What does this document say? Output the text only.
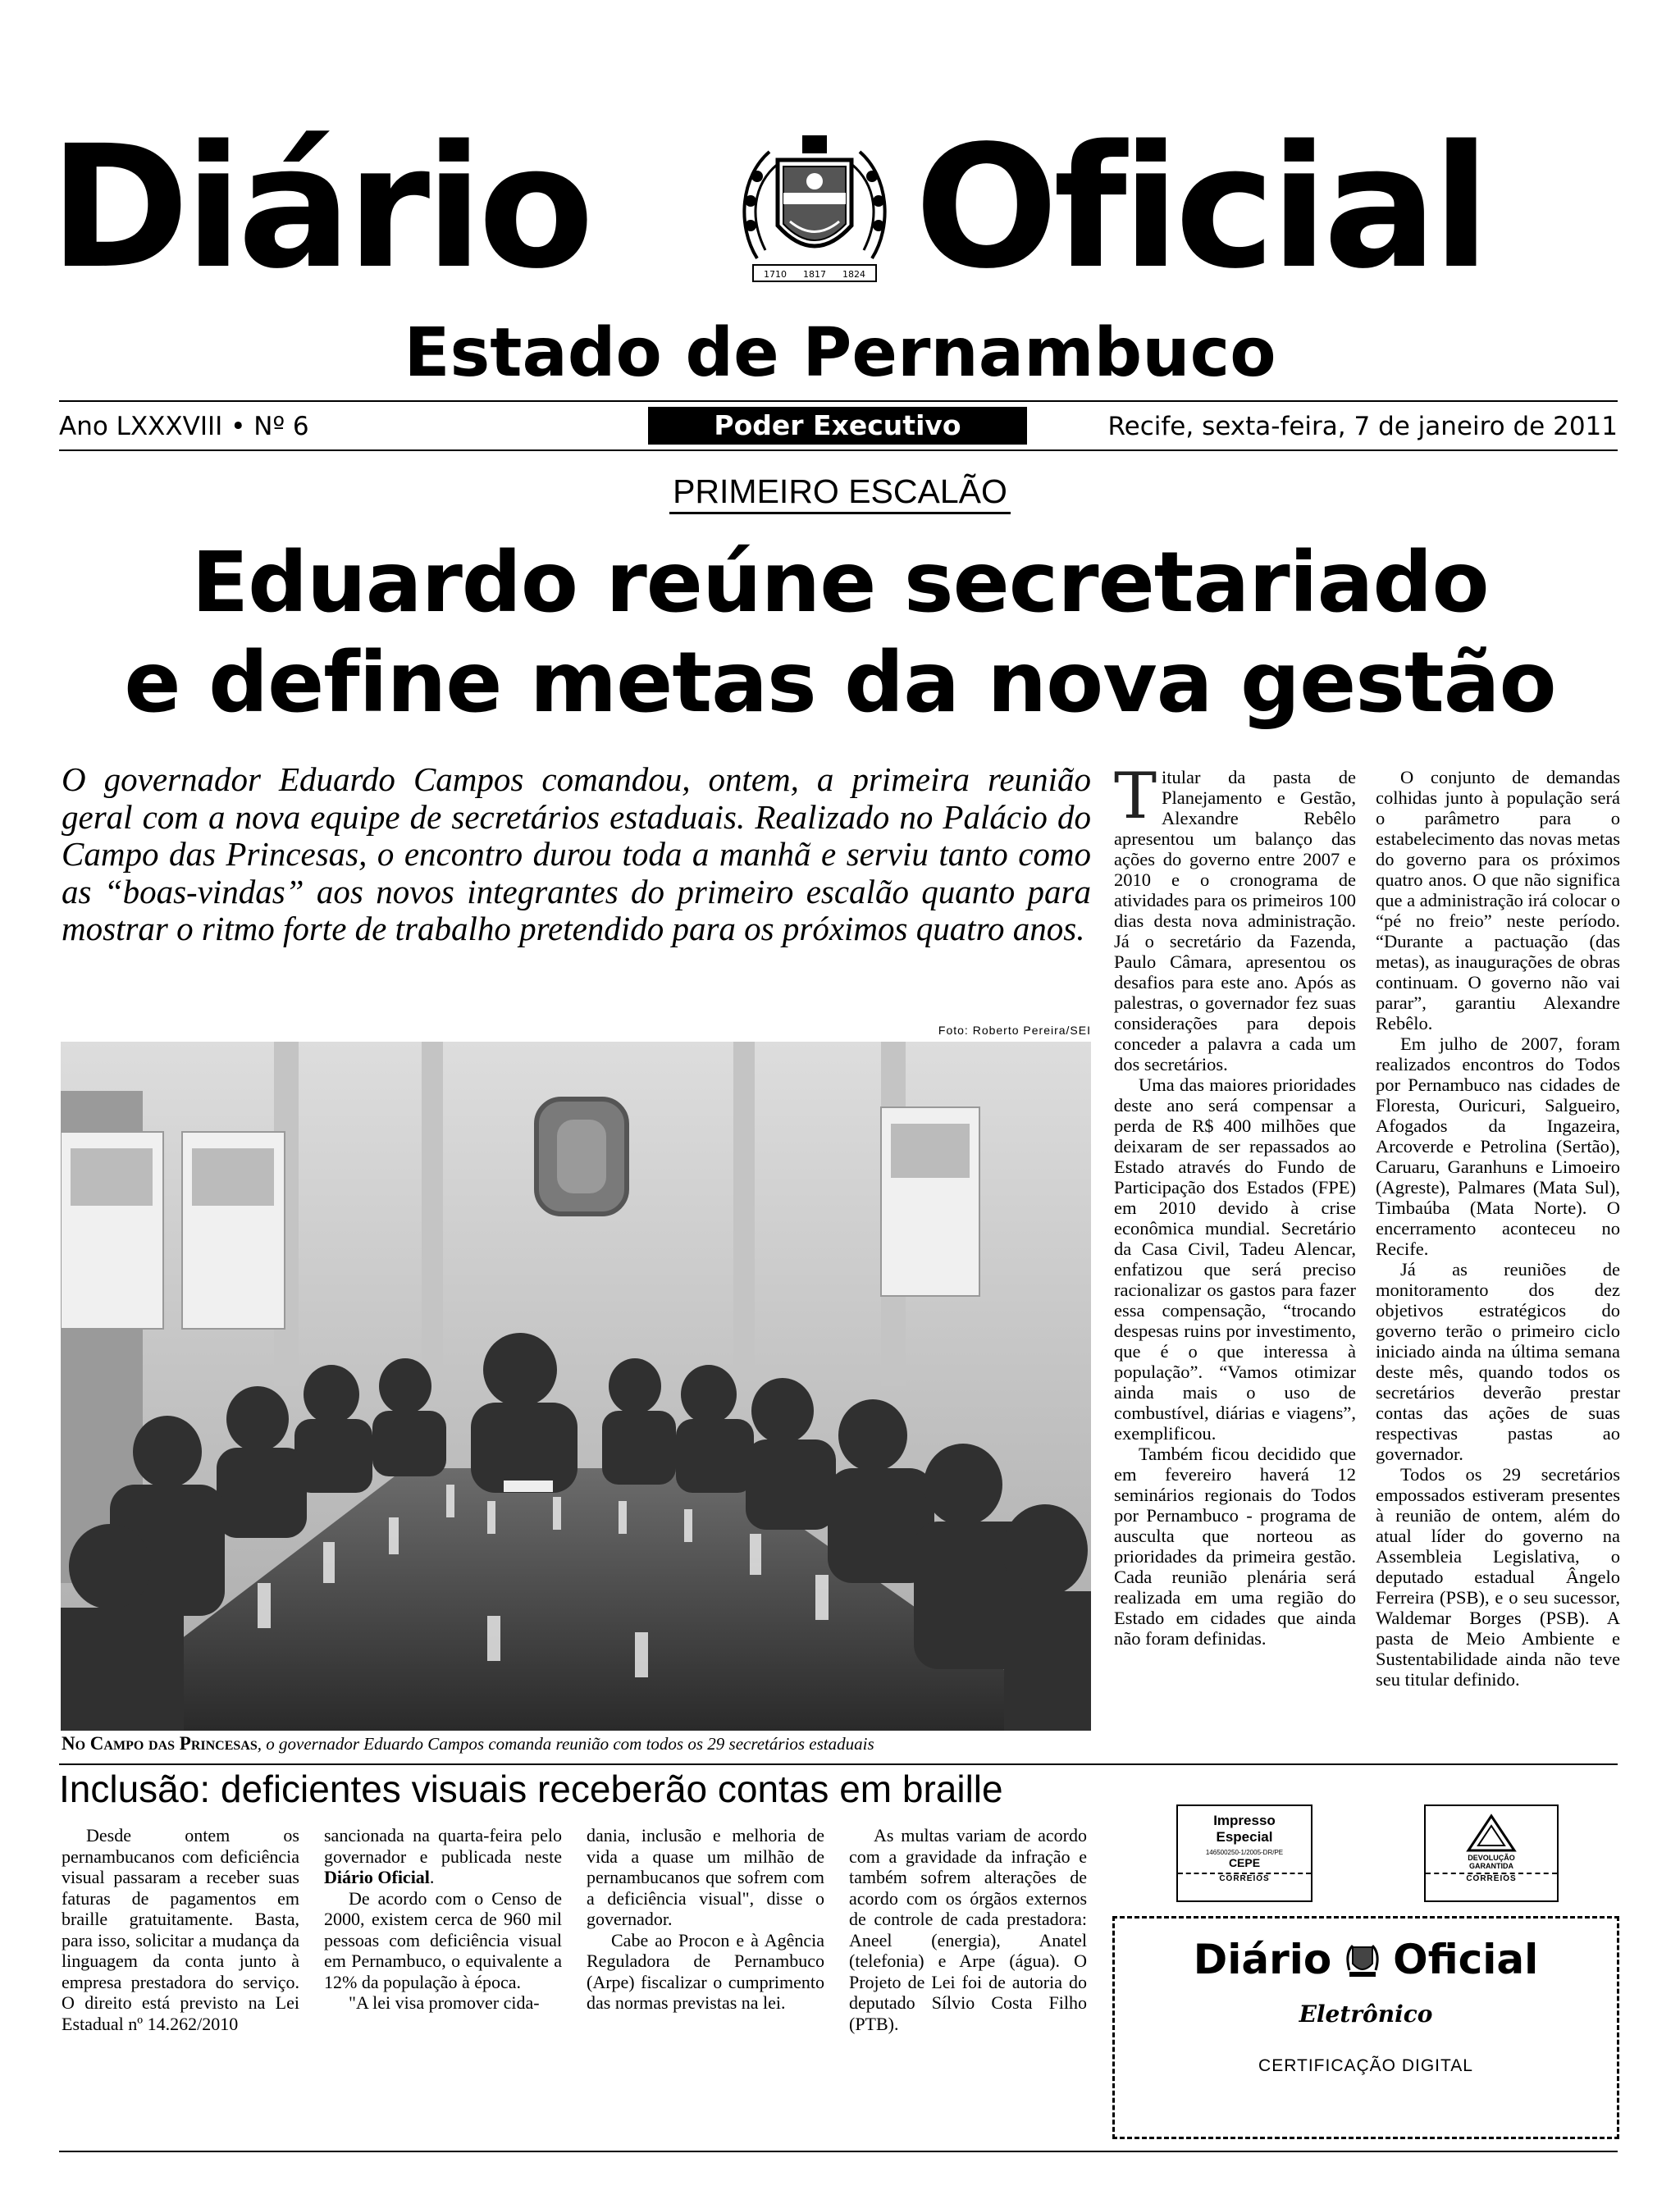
Diário	1710 1817 1824 Oficial
Estado de Pernambuco
Ano LXXXVIII • Nº 6	Poder Executivo	Recife, sexta-feira, 7 de janeiro de 2011
PRIMEIRO ESCALÃO
Eduardo reúne secretariado
e define metas da nova gestão
O governador Eduardo Campos comandou, ontem, a primeira reunião geral com a nova equipe de secretários estaduais. Realizado no Palácio do Campo das Princesas, o encontro durou toda a manhã e serviu tanto como as “boas-vindas” aos novos integrantes do primeiro escalão quanto para mostrar o ritmo forte de trabalho pretendido para os próximos quatro anos.
Foto: Roberto Pereira/SEI
No Campo das Princesas, o governador Eduardo Campos comanda reunião com todos os 29 secretários estaduais

Titular da pasta de Planejamento e Gestão, Alexandre Rebêlo apresentou um balanço das ações do governo entre 2007 e 2010 e o cronograma de atividades para os primeiros 100 dias desta nova administração. Já o secretário da Fazenda, Paulo Câmara, apresentou os desafios para este ano. Após as palestras, o governador fez suas considerações para depois conceder a palavra a cada um dos secretários.

Uma das maiores prioridades deste ano será compensar a perda de R$ 400 milhões que deixaram de ser repassados ao Estado através do Fundo de Participação dos Estados (FPE) em 2010 devido à crise econômica mundial. Secretário da Casa Civil, Tadeu Alencar, enfatizou que será preciso racionalizar os gastos para fazer essa compensação, “trocando despesas ruins por investimento, que é o que interessa à população”. “Vamos otimizar ainda mais o uso de combustível, diárias e viagens”, exemplificou.

Também ficou decidido que em fevereiro haverá 12 seminários regionais do Todos por Pernambuco - programa de ausculta que norteou as prioridades da primeira gestão. Cada reunião plenária será realizada em uma região do Estado em cidades que ainda não foram definidas.

O conjunto de demandas colhidas junto à população será o parâmetro para o estabelecimento das novas metas do governo para os próximos quatro anos. O que não significa que a administração irá colocar o “pé no freio” neste período. “Durante a pactuação (das metas), as inaugurações de obras continuam. O governo não vai parar”, garantiu Alexandre Rebêlo.

Em julho de 2007, foram realizados encontros do Todos por Pernambuco nas cidades de Floresta, Ouricuri, Salgueiro, Afogados da Ingazeira, Arcoverde e Petrolina (Sertão), Caruaru, Garanhuns e Limoeiro (Agreste), Palmares (Mata Sul), Timbaúba (Mata Norte). O encerramento aconteceu no Recife.

Já as reuniões de monitoramento dos dez objetivos estratégicos do governo terão o primeiro ciclo iniciado ainda na última semana deste mês, quando todos os secretários deverão prestar contas das ações de suas respectivas pastas ao governador.

Todos os 29 secretários empossados estiveram presentes à reunião de ontem, além do atual líder do governo na Assembleia Legislativa, o deputado estadual Ângelo Ferreira (PSB), e o seu sucessor, Waldemar Borges (PSB). A pasta de Meio Ambiente e Sustentabilidade ainda não teve seu titular definido.

Inclusão: deficientes visuais receberão contas em braille

Desde ontem os pernambucanos com deficiência visual passaram a receber suas faturas de pagamentos em braille gratuitamente. Basta, para isso, solicitar a mudança da linguagem da conta junto à empresa prestadora do serviço. O direito está previsto na Lei Estadual nº 14.262/2010

sancionada na quarta-feira pelo governador e publicada neste Diário Oficial.

De acordo com o Censo de 2000, existem cerca de 960 mil pessoas com deficiência visual em Pernambuco, o equivalente a 12% da população à época.

"A lei visa promover cida-

dania, inclusão e melhoria de vida a quase um milhão de pernambucanos que sofrem com a deficiência visual", disse o governador.

Cabe ao Procon e à Agência Reguladora de Pernambuco (Arpe) fiscalizar o cumprimento das normas previstas na lei.

As multas variam de acordo com a gravidade da infração e também sofrem alterações de acordo com os órgãos externos de controle de cada prestadora: Aneel (energia), Anatel (telefonia) e Arpe (água). O Projeto de Lei foi de autoria do deputado Sílvio Costa Filho (PTB).

Impresso
Especial
146500250-1/2005-DR/PE
CEPE
CORREIOS
DEVOLUÇÃO
GARANTIDA
CORREIOS
Diário Oficial
Eletrônico
CERTIFICAÇÃO DIGITAL
